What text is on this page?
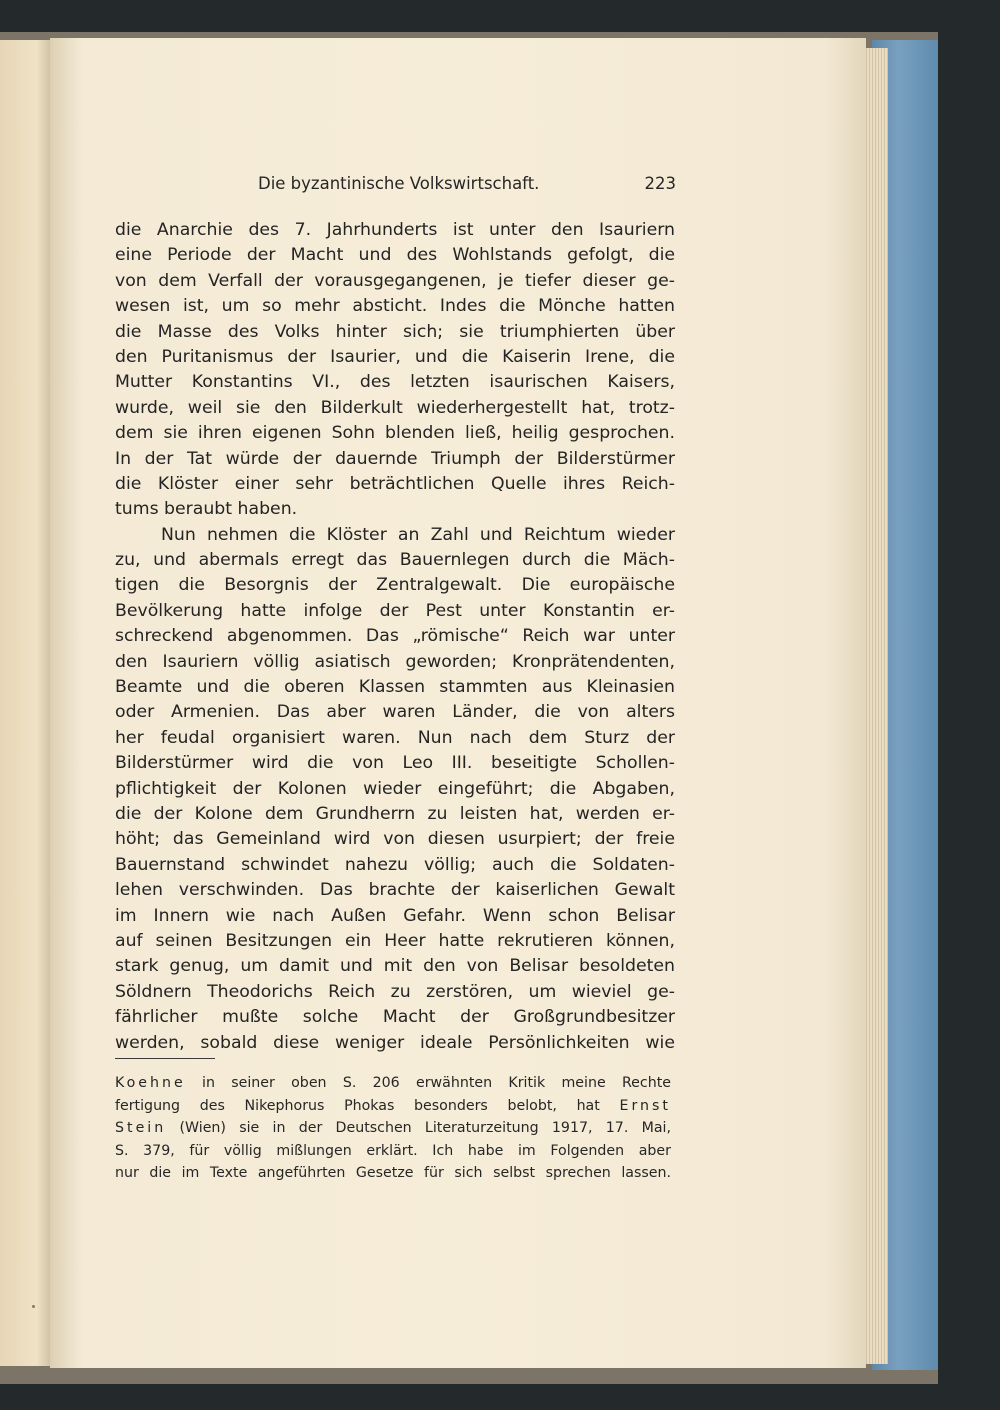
Die byzantinische Volkswirtschaft.	223
die Anarchie des 7. Jahrhunderts ist unter den Isauriern
eine Periode der Macht und des Wohlstands gefolgt, die
von dem Verfall der vorausgegangenen, je tiefer dieser ge-
wesen ist, um so mehr absticht. Indes die Mönche hatten
die Masse des Volks hinter sich; sie triumphierten über
den Puritanismus der Isaurier, und die Kaiserin Irene, die
Mutter Konstantins VI., des letzten isaurischen Kaisers,
wurde, weil sie den Bilderkult wiederhergestellt hat, trotz-
dem sie ihren eigenen Sohn blenden ließ, heilig gesprochen.
In der Tat würde der dauernde Triumph der Bilderstürmer
die Klöster einer sehr beträchtlichen Quelle ihres Reich-
tums beraubt haben.
Nun nehmen die Klöster an Zahl und Reichtum wieder
zu, und abermals erregt das Bauernlegen durch die Mäch-
tigen die Besorgnis der Zentralgewalt. Die europäische
Bevölkerung hatte infolge der Pest unter Konstantin er-
schreckend abgenommen. Das „römische“ Reich war unter
den Isauriern völlig asiatisch geworden; Kronprätendenten,
Beamte und die oberen Klassen stammten aus Kleinasien
oder Armenien. Das aber waren Länder, die von alters
her feudal organisiert waren. Nun nach dem Sturz der
Bilderstürmer wird die von Leo III. beseitigte Schollen-
pflichtigkeit der Kolonen wieder eingeführt; die Abgaben,
die der Kolone dem Grundherrn zu leisten hat, werden er-
höht; das Gemeinland wird von diesen usurpiert; der freie
Bauernstand schwindet nahezu völlig; auch die Soldaten-
lehen verschwinden. Das brachte der kaiserlichen Gewalt
im Innern wie nach Außen Gefahr. Wenn schon Belisar
auf seinen Besitzungen ein Heer hatte rekrutieren können,
stark genug, um damit und mit den von Belisar besoldeten
Söldnern Theodorichs Reich zu zerstören, um wieviel ge-
fährlicher mußte solche Macht der Großgrundbesitzer
werden, sobald diese weniger ideale Persönlichkeiten wie
Koehne in seiner oben S. 206 erwähnten Kritik meine Rechte
fertigung des Nikephorus Phokas besonders belobt, hat Ernst
Stein (Wien) sie in der Deutschen Literaturzeitung 1917, 17. Mai,
S. 379, für völlig mißlungen erklärt. Ich habe im Folgenden aber
nur die im Texte angeführten Gesetze für sich selbst sprechen lassen.
